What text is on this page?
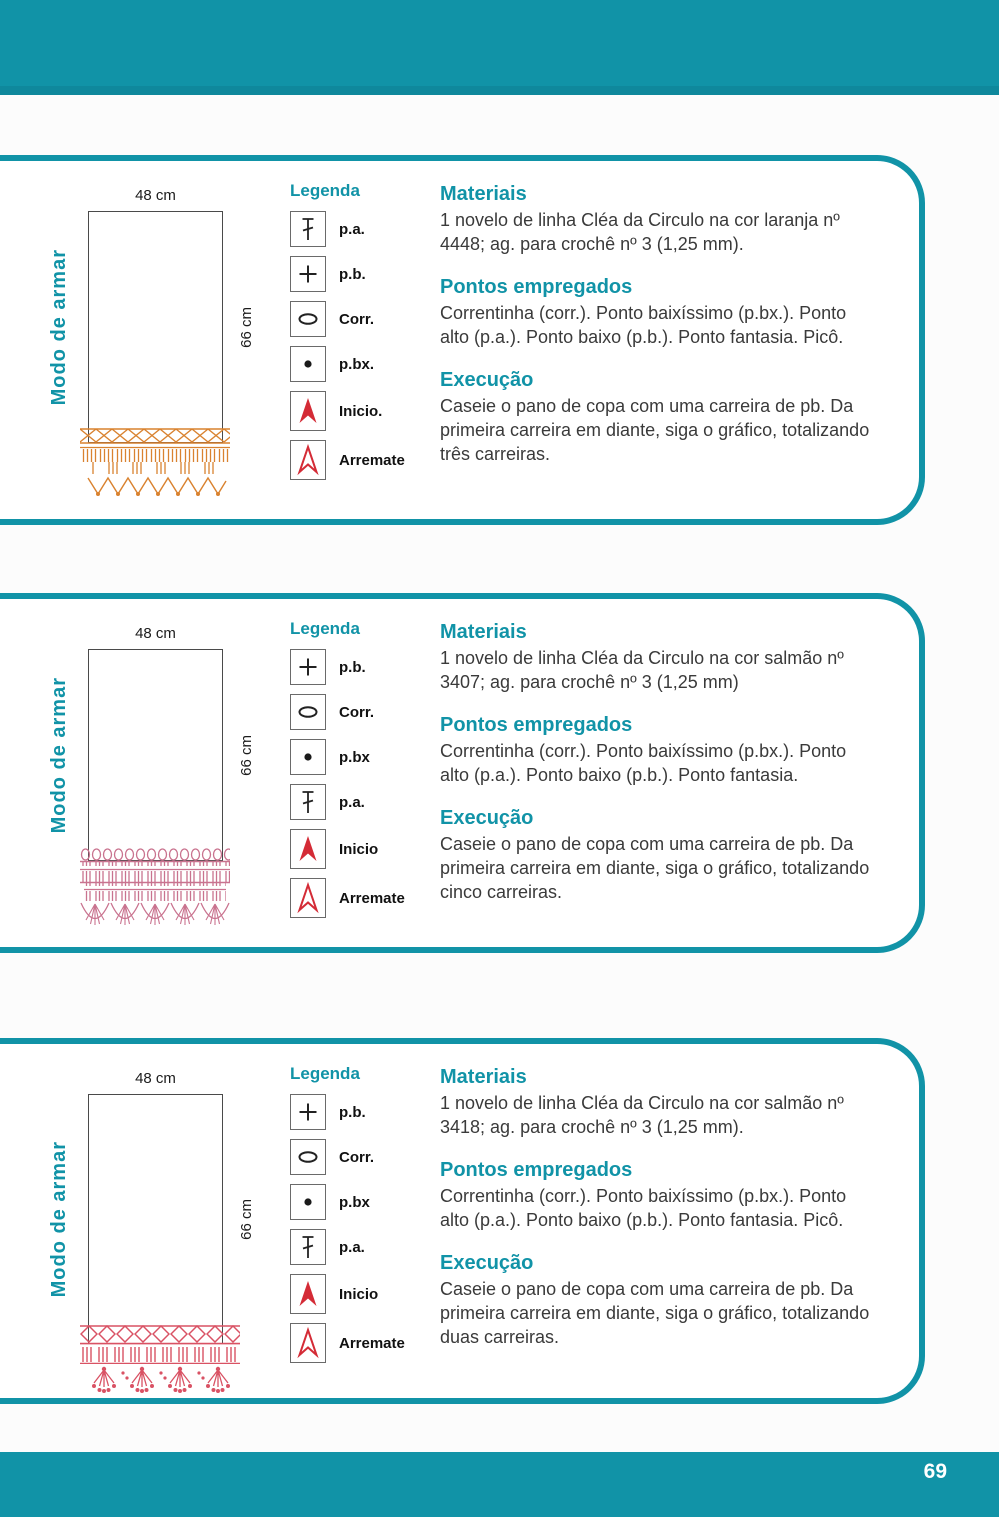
48 cm
Modo de armar	66 cm
Legenda
p.a.
p.b.
Corr.
p.bx.
Inicio.
Arremate
Materiais

1 novelo de linha Cléa da Circulo na cor laranja nº 4448; ag. para crochê nº 3 (1,25 mm).

Pontos empregados

Correntinha (corr.). Ponto baixíssimo (p.bx.). Ponto alto (p.a.). Ponto baixo (p.b.). Ponto fantasia. Picô.

Execução

Caseie o pano de copa com uma carreira de pb. Da primeira carreira em diante, siga o gráfico, totalizando três carreiras.

48 cm
Modo de armar	66 cm
Legenda
p.b.
Corr.
p.bx
p.a.
Inicio
Arremate
Materiais

1 novelo de linha Cléa da Circulo na cor salmão nº 3407; ag. para crochê nº 3 (1,25 mm)

Pontos empregados

Correntinha (corr.). Ponto baixíssimo (p.bx.). Ponto alto (p.a.). Ponto baixo (p.b.). Ponto fantasia.

Execução

Caseie o pano de copa com uma carreira de pb. Da primeira carreira em diante, siga o gráfico, totalizando cinco carreiras.

48 cm
Modo de armar	66 cm
Legenda
p.b.
Corr.
p.bx
p.a.
Inicio
Arremate
Materiais

1 novelo de linha Cléa da Circulo na cor salmão nº 3418; ag. para crochê nº 3 (1,25 mm).

Pontos empregados

Correntinha (corr.). Ponto baixíssimo (p.bx.). Ponto alto (p.a.). Ponto baixo (p.b.). Ponto fantasia. Picô.

Execução

Caseie o pano de copa com uma carreira de pb. Da primeira carreira em diante, siga o gráfico, totalizando duas carreiras.

69
